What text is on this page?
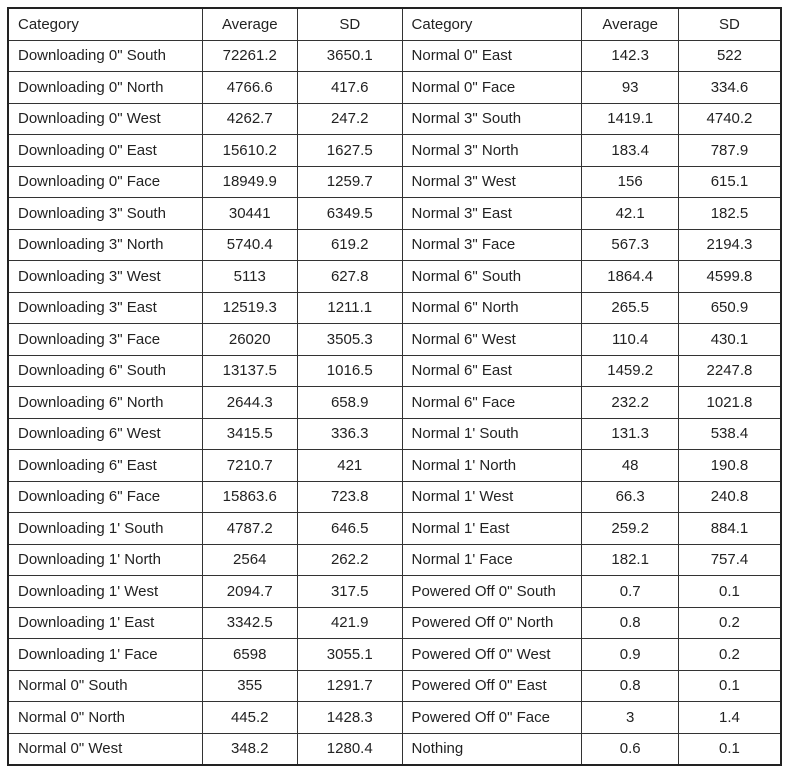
Category	Average	SD	Category	Average	SD
Downloading 0" South	72261.2	3650.1	Normal 0" East	142.3	522
Downloading 0" North	4766.6	417.6	Normal 0" Face	93	334.6
Downloading 0" West	4262.7	247.2	Normal 3" South	1419.1	4740.2
Downloading 0" East	15610.2	1627.5	Normal 3" North	183.4	787.9
Downloading 0" Face	18949.9	1259.7	Normal 3" West	156	615.1
Downloading 3" South	30441	6349.5	Normal 3" East	42.1	182.5
Downloading 3" North	5740.4	619.2	Normal 3" Face	567.3	2194.3
Downloading 3" West	5113	627.8	Normal 6" South	1864.4	4599.8
Downloading 3" East	12519.3	1211.1	Normal 6" North	265.5	650.9
Downloading 3" Face	26020	3505.3	Normal 6" West	110.4	430.1
Downloading 6" South	13137.5	1016.5	Normal 6" East	1459.2	2247.8
Downloading 6" North	2644.3	658.9	Normal 6" Face	232.2	1021.8
Downloading 6" West	3415.5	336.3	Normal 1' South	131.3	538.4
Downloading 6" East	7210.7	421	Normal 1' North	48	190.8
Downloading 6" Face	15863.6	723.8	Normal 1' West	66.3	240.8
Downloading 1' South	4787.2	646.5	Normal 1' East	259.2	884.1
Downloading 1' North	2564	262.2	Normal 1' Face	182.1	757.4
Downloading 1' West	2094.7	317.5	Powered Off 0" South	0.7	0.1
Downloading 1' East	3342.5	421.9	Powered Off 0" North	0.8	0.2
Downloading 1' Face	6598	3055.1	Powered Off 0" West	0.9	0.2
Normal 0" South	355	1291.7	Powered Off 0" East	0.8	0.1
Normal 0" North	445.2	1428.3	Powered Off 0" Face	3	1.4
Normal 0" West	348.2	1280.4	Nothing	0.6	0.1
